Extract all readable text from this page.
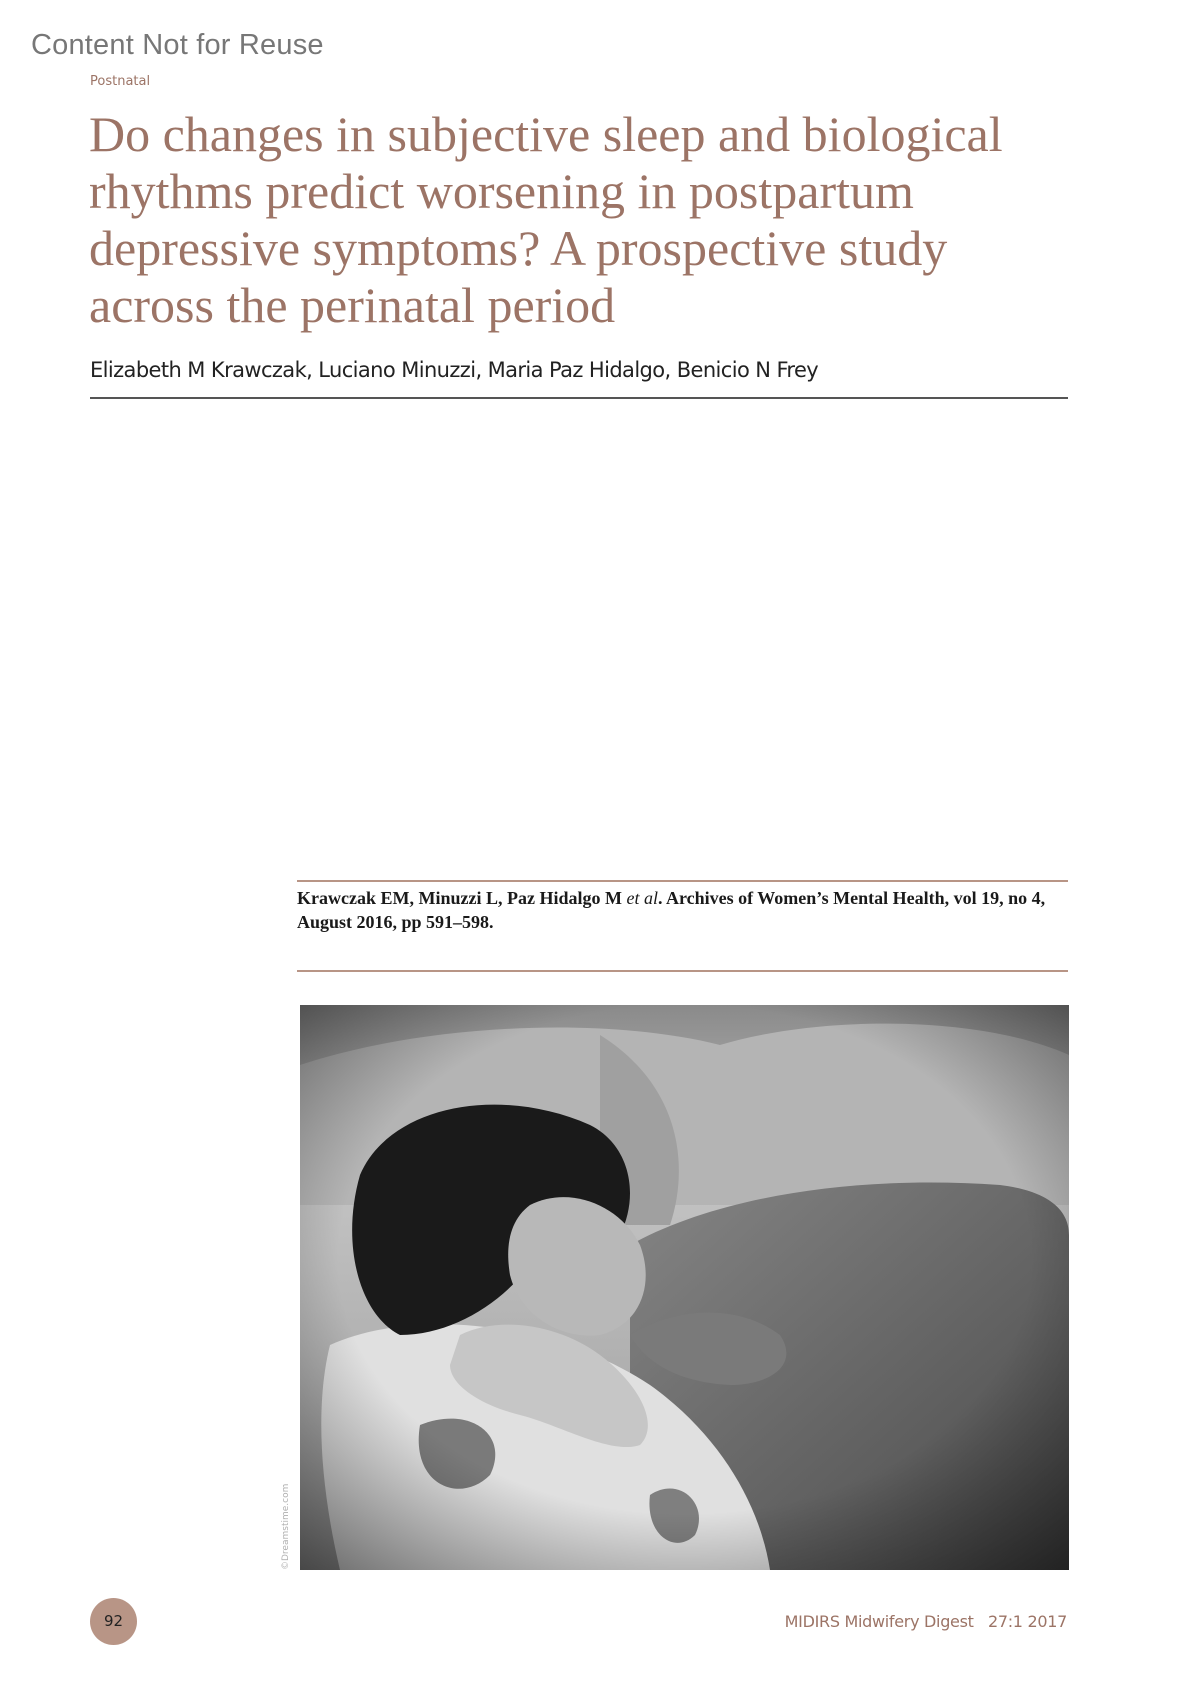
Content Not for Reuse
Postnatal
Do changes in subjective sleep and biological rhythms predict worsening in postpartum depressive symptoms? A prospective study across the perinatal period
Elizabeth M Krawczak, Luciano Minuzzi, Maria Paz Hidalgo, Benicio N Frey
Krawczak EM, Minuzzi L, Paz Hidalgo M et al. Archives of Women’s Mental Health, vol 19, no 4, August 2016, pp 591–598.
©Dreamstime.com
92	MIDIRS Midwifery Digest   27:1 2017
